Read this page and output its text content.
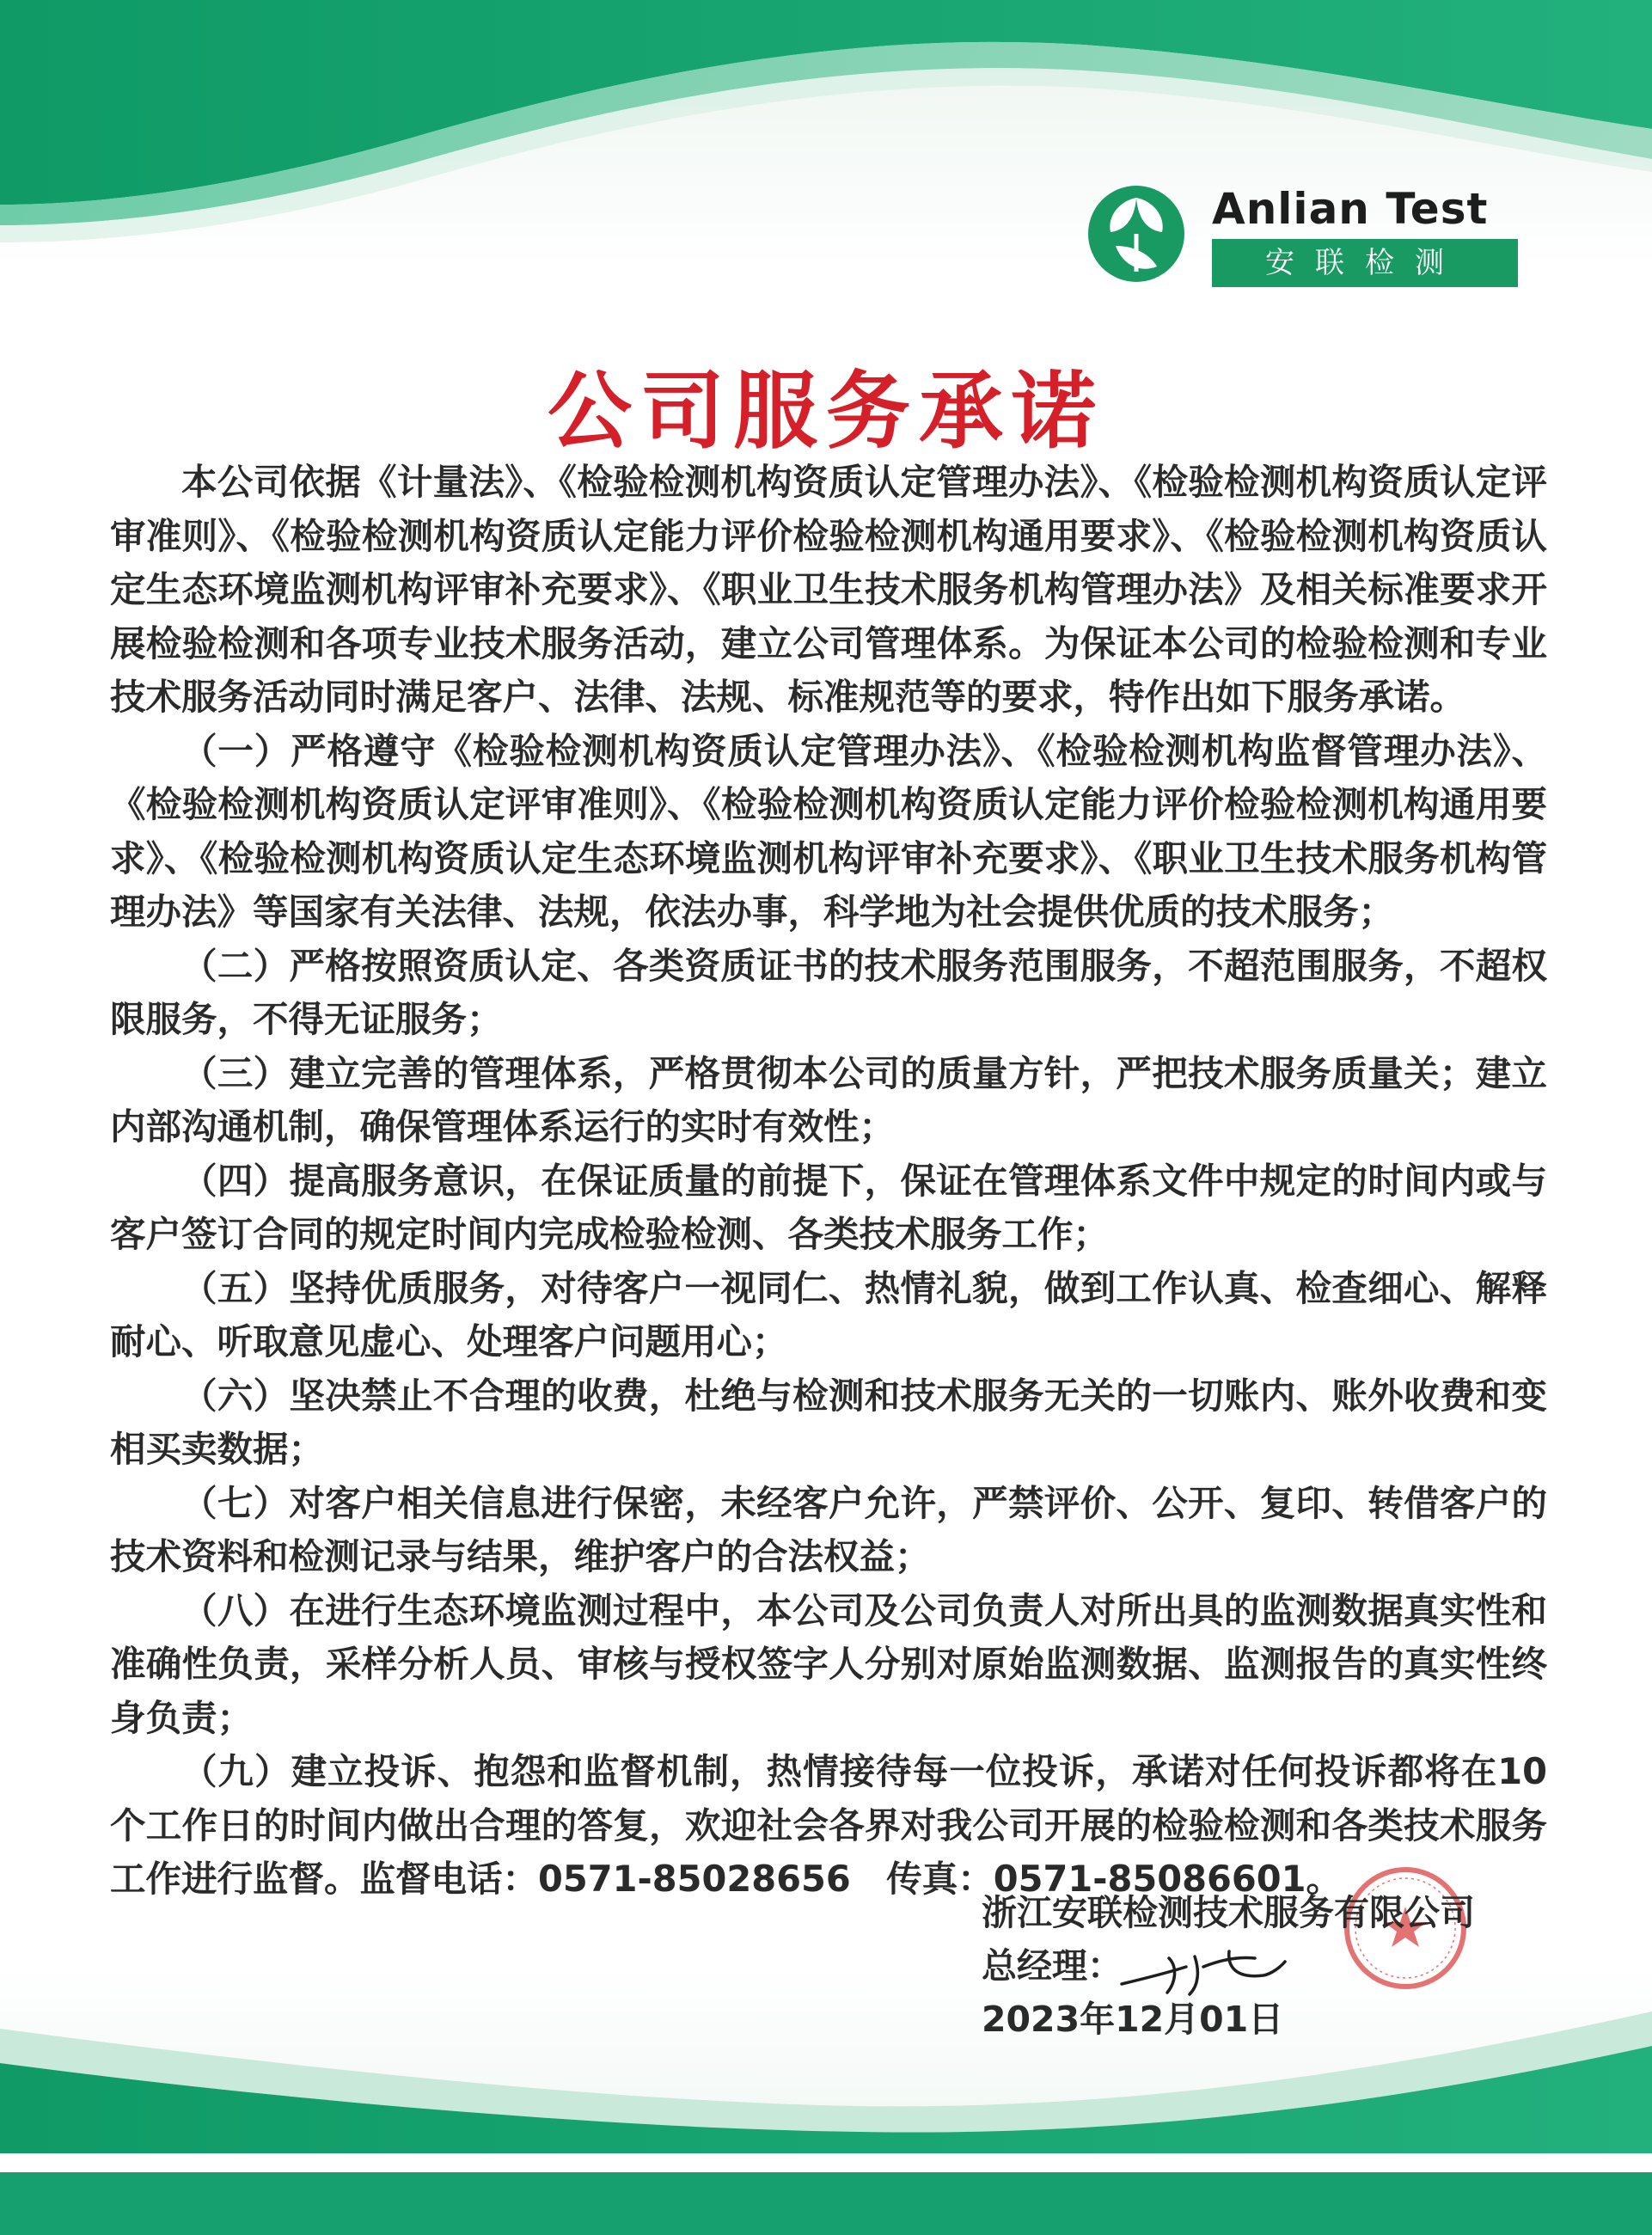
Anlian Test
安联检测
公司服务承诺

本公司依据《计量法》、《检验检测机构资质认定管理办法》、《检验检测机构资质认定评审准则》、《检验检测机构资质认定能力评价检验检测机构通用要求》、《检验检测机构资质认定生态环境监测机构评审补充要求》、《职业卫生技术服务机构管理办法》及相关标准要求开展检验检测和各项专业技术服务活动，建立公司管理体系。为保证本公司的检验检测和专业技术服务活动同时满足客户、法律、法规、标准规范等的要求，特作出如下服务承诺。

（一）严格遵守《检验检测机构资质认定管理办法》、《检验检测机构监督管理办法》、《检验检测机构资质认定评审准则》、《检验检测机构资质认定能力评价检验检测机构通用要求》、《检验检测机构资质认定生态环境监测机构评审补充要求》、《职业卫生技术服务机构管理办法》等国家有关法律、法规，依法办事，科学地为社会提供优质的技术服务；

（二）严格按照资质认定、各类资质证书的技术服务范围服务，不超范围服务，不超权限服务，不得无证服务；

（三）建立完善的管理体系，严格贯彻本公司的质量方针，严把技术服务质量关；建立内部沟通机制，确保管理体系运行的实时有效性；

（四）提高服务意识，在保证质量的前提下，保证在管理体系文件中规定的时间内或与客户签订合同的规定时间内完成检验检测、各类技术服务工作；

（五）坚持优质服务，对待客户一视同仁、热情礼貌，做到工作认真、检查细心、解释耐心、听取意见虚心、处理客户问题用心；

（六）坚决禁止不合理的收费，杜绝与检测和技术服务无关的一切账内、账外收费和变相买卖数据；

（七）对客户相关信息进行保密，未经客户允许，严禁评价、公开、复印、转借客户的技术资料和检测记录与结果，维护客户的合法权益；

（八）在进行生态环境监测过程中，本公司及公司负责人对所出具的监测数据真实性和准确性负责，采样分析人员、审核与授权签字人分别对原始监测数据、监测报告的真实性终身负责；

（九）建立投诉、抱怨和监督机制，热情接待每一位投诉，承诺对任何投诉都将在10个工作日的时间内做出合理的答复，欢迎社会各界对我公司开展的检验检测和各类技术服务工作进行监督。监督电话：0571-85028656　传真：0571-85086601。

浙江安联检测技术服务有限公司
总经理：
2023年12月01日
